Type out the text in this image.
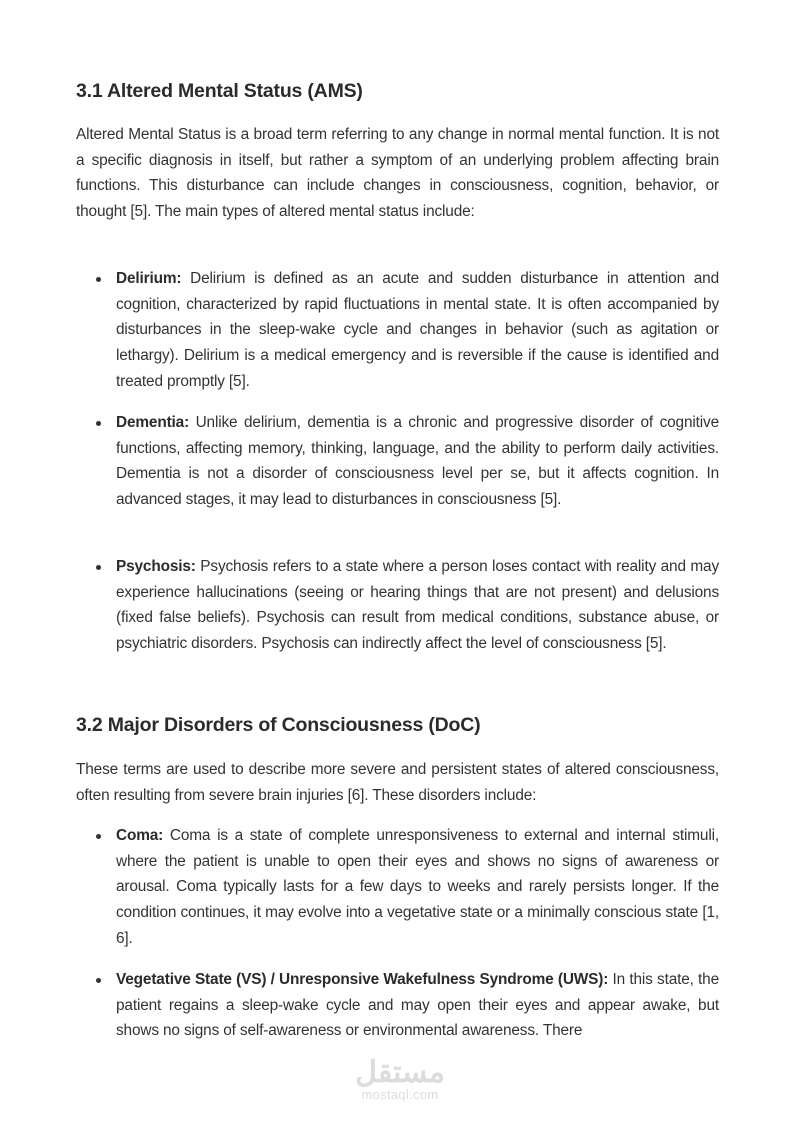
3.1 Altered Mental Status (AMS)

Altered Mental Status is a broad term referring to any change in normal mental function. It is not a specific diagnosis in itself, but rather a symptom of an underlying problem affecting brain functions. This disturbance can include changes in consciousness, cognition, behavior, or thought [5]. The main types of altered mental status include:

Delirium: Delirium is defined as an acute and sudden disturbance in attention and cognition, characterized by rapid fluctuations in mental state. It is often accompanied by disturbances in the sleep-wake cycle and changes in behavior (such as agitation or lethargy). Delirium is a medical emergency and is reversible if the cause is identified and treated promptly [5].

Dementia: Unlike delirium, dementia is a chronic and progressive disorder of cognitive functions, affecting memory, thinking, language, and the ability to perform daily activities. Dementia is not a disorder of consciousness level per se, but it affects cognition. In advanced stages, it may lead to disturbances in consciousness [5].

Psychosis: Psychosis refers to a state where a person loses contact with reality and may experience hallucinations (seeing or hearing things that are not present) and delusions (fixed false beliefs). Psychosis can result from medical conditions, substance abuse, or psychiatric disorders. Psychosis can indirectly affect the level of consciousness [5].

3.2 Major Disorders of Consciousness (DoC)

These terms are used to describe more severe and persistent states of altered consciousness, often resulting from severe brain injuries [6]. These disorders include:

Coma: Coma is a state of complete unresponsiveness to external and internal stimuli, where the patient is unable to open their eyes and shows no signs of awareness or arousal. Coma typically lasts for a few days to weeks and rarely persists longer. If the condition continues, it may evolve into a vegetative state or a minimally conscious state [1, 6].

Vegetative State (VS) / Unresponsive Wakefulness Syndrome (UWS): In this state, the patient regains a sleep-wake cycle and may open their eyes and appear awake, but shows no signs of self-awareness or environmental awareness. There

مستقل
mostaql.com
